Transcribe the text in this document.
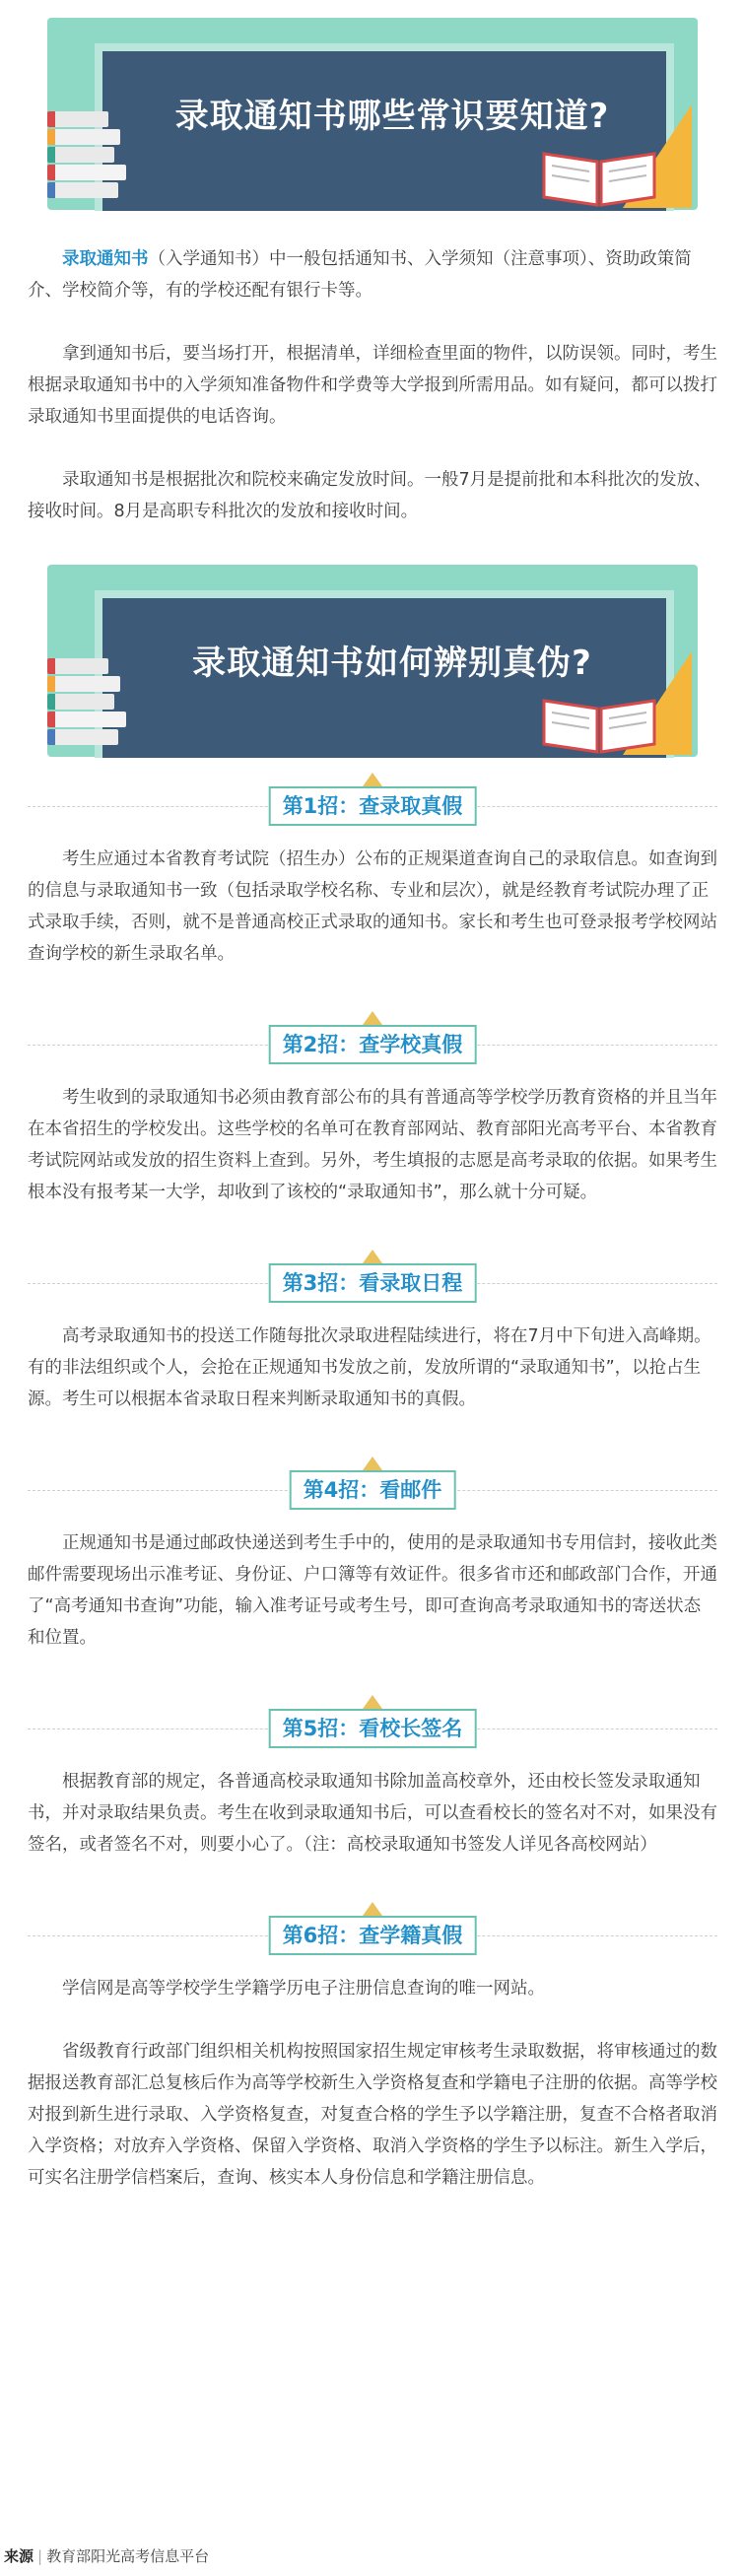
录取通知书哪些常识要知道?

录取通知书（入学通知书）中一般包括通知书、入学须知（注意事项）、资助政策简介、学校简介等，有的学校还配有银行卡等。

拿到通知书后，要当场打开，根据清单，详细检查里面的物件，以防误领。同时，考生根据录取通知书中的入学须知准备物件和学费等大学报到所需用品。如有疑问，都可以拨打录取通知书里面提供的电话咨询。

录取通知书是根据批次和院校来确定发放时间。一般7月是提前批和本科批次的发放、接收时间。8月是高职专科批次的发放和接收时间。

录取通知书如何辨别真伪?
第1招：查录取真假

考生应通过本省教育考试院（招生办）公布的正规渠道查询自己的录取信息。如查询到的信息与录取通知书一致（包括录取学校名称、专业和层次），就是经教育考试院办理了正式录取手续，否则，就不是普通高校正式录取的通知书。家长和考生也可登录报考学校网站查询学校的新生录取名单。

第2招：查学校真假

考生收到的录取通知书必须由教育部公布的具有普通高等学校学历教育资格的并且当年在本省招生的学校发出。这些学校的名单可在教育部网站、教育部阳光高考平台、本省教育考试院网站或发放的招生资料上查到。另外，考生填报的志愿是高考录取的依据。如果考生根本没有报考某一大学，却收到了该校的“录取通知书”，那么就十分可疑。

第3招：看录取日程

高考录取通知书的投送工作随每批次录取进程陆续进行，将在7月中下旬进入高峰期。有的非法组织或个人，会抢在正规通知书发放之前，发放所谓的“录取通知书”，以抢占生源。考生可以根据本省录取日程来判断录取通知书的真假。

第4招：看邮件

正规通知书是通过邮政快递送到考生手中的，使用的是录取通知书专用信封，接收此类邮件需要现场出示准考证、身份证、户口簿等有效证件。很多省市还和邮政部门合作，开通了“高考通知书查询”功能，输入准考证号或考生号，即可查询高考录取通知书的寄送状态和位置。

第5招：看校长签名

根据教育部的规定，各普通高校录取通知书除加盖高校章外，还由校长签发录取通知书，并对录取结果负责。考生在收到录取通知书后，可以查看校长的签名对不对，如果没有签名，或者签名不对，则要小心了。（注：高校录取通知书签发人详见各高校网站）

第6招：查学籍真假

学信网是高等学校学生学籍学历电子注册信息查询的唯一网站。

省级教育行政部门组织相关机构按照国家招生规定审核考生录取数据，将审核通过的数据报送教育部汇总复核后作为高等学校新生入学资格复查和学籍电子注册的依据。高等学校对报到新生进行录取、入学资格复查，对复查合格的学生予以学籍注册，复查不合格者取消入学资格；对放弃入学资格、保留入学资格、取消入学资格的学生予以标注。新生入学后，可实名注册学信档案后，查询、核实本人身份信息和学籍注册信息。

来源 | 教育部阳光高考信息平台
